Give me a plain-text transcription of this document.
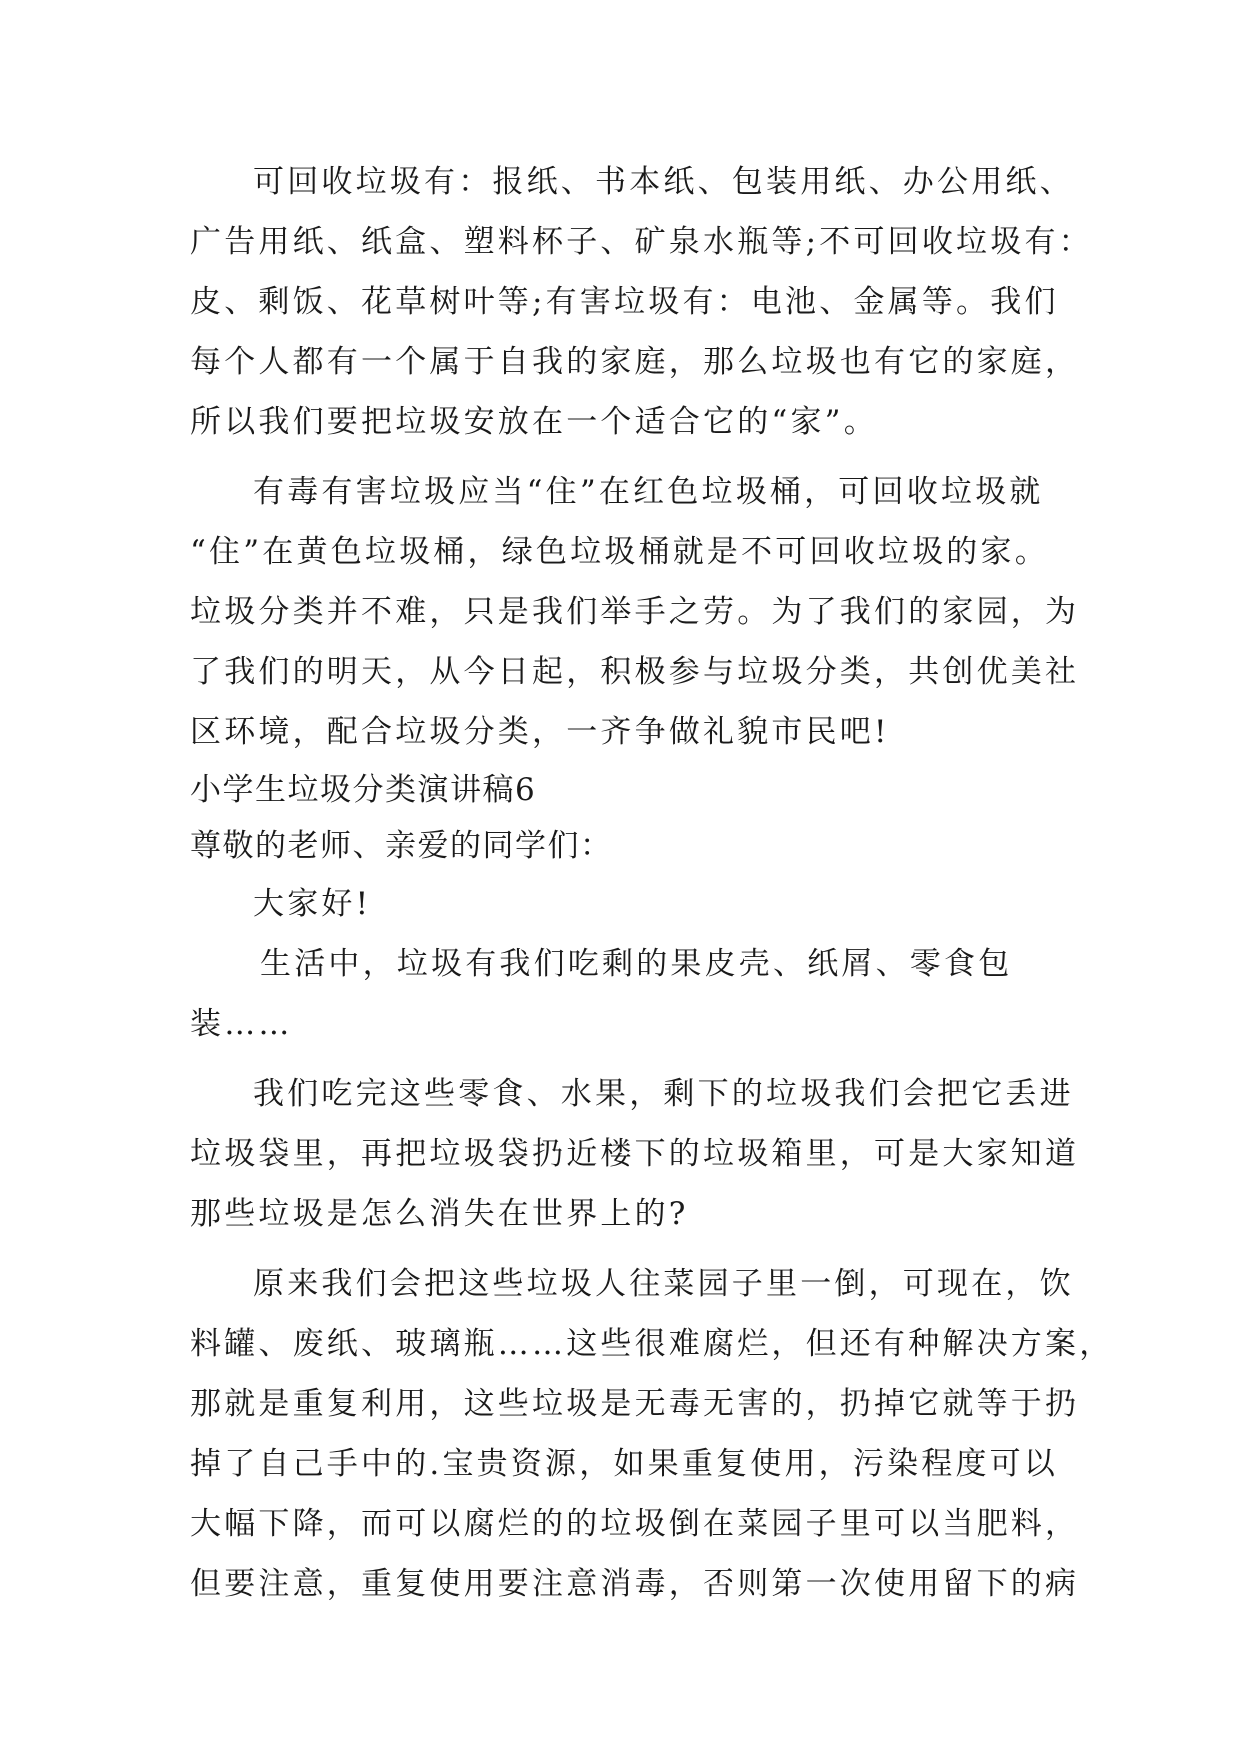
可回收垃圾有：报纸、书本纸、包装用纸、办公用纸、
广告用纸、纸盒、塑料杯子、矿泉水瓶等;不可回收垃圾有：
皮、剩饭、花草树叶等;有害垃圾有：电池、金属等。我们
每个人都有一个属于自我的家庭，那么垃圾也有它的家庭，
所以我们要把垃圾安放在一个适合它的“家”。
有毒有害垃圾应当“住”在红色垃圾桶，可回收垃圾就
“住”在黄色垃圾桶，绿色垃圾桶就是不可回收垃圾的家。
垃圾分类并不难，只是我们举手之劳。为了我们的家园，为
了我们的明天，从今日起，积极参与垃圾分类，共创优美社
区环境，配合垃圾分类，一齐争做礼貌市民吧!
小学生垃圾分类演讲稿6
尊敬的老师、亲爱的同学们：
大家好!
生活中，垃圾有我们吃剩的果皮壳、纸屑、零食包
装……
我们吃完这些零食、水果，剩下的垃圾我们会把它丢进
垃圾袋里，再把垃圾袋扔近楼下的垃圾箱里，可是大家知道
那些垃圾是怎么消失在世界上的?
原来我们会把这些垃圾人往菜园子里一倒，可现在，饮
料罐、废纸、玻璃瓶……这些很难腐烂，但还有种解决方案，
那就是重复利用，这些垃圾是无毒无害的，扔掉它就等于扔
掉了自己手中的.宝贵资源，如果重复使用，污染程度可以
大幅下降，而可以腐烂的的垃圾倒在菜园子里可以当肥料，
但要注意，重复使用要注意消毒，否则第一次使用留下的病
